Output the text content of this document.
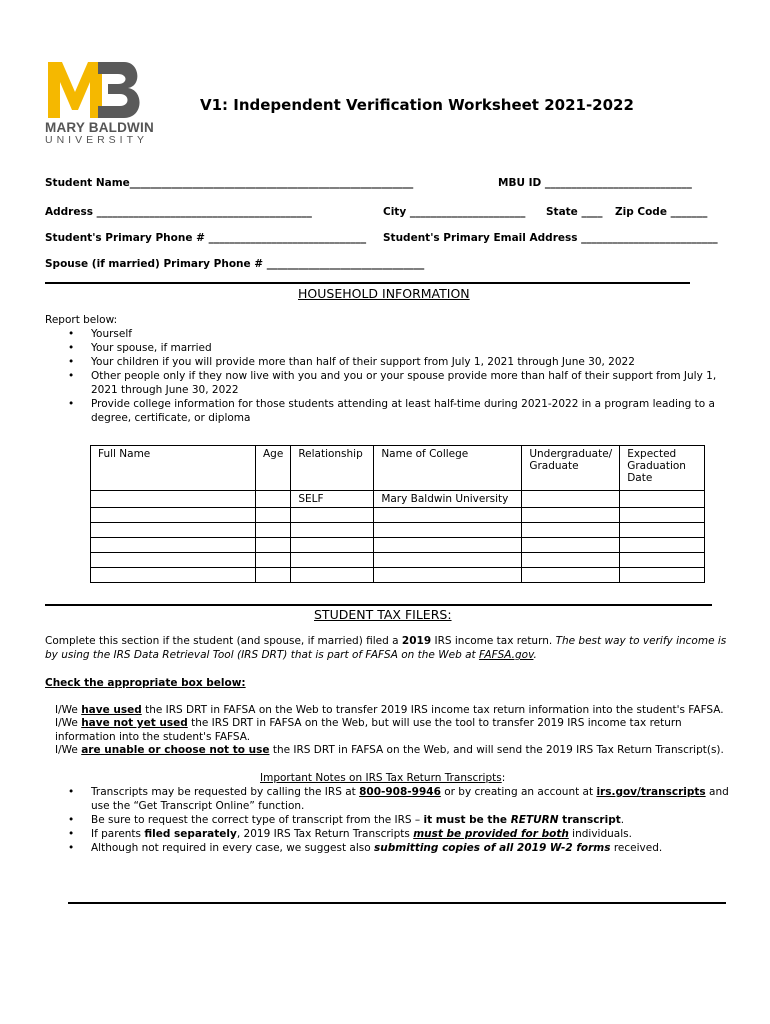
MARY BALDWIN
UNIVERSITY
V1: Independent Verification Worksheet 2021-2022
Student Name______________________________________________________	MBU ID ____________________________
Address _________________________________________	City ______________________ State ____ Zip Code _______
Student's Primary Phone # ______________________________ Student's Primary Email Address __________________________
Spouse (if married) Primary Phone # ______________________________
HOUSEHOLD INFORMATION
Report below:
• Yourself
• Your spouse, if married
• Your children if you will provide more than half of their support from July 1, 2021 through June 30, 2022
• Other people only if they now live with you and you or your spouse provide more than half of their support from July 1, 2021 through June 30, 2022
• Provide college information for those students attending at least half-time during 2021-2022 in a program leading to a degree, certificate, or diploma
Full Name	Age	Relationship	Name of College	Undergraduate/ Graduate	Expected Graduation Date
		SELF	Mary Baldwin University		

STUDENT TAX FILERS:
Complete this section if the student (and spouse, if married) filed a 2019 IRS income tax return. The best way to verify income is by using the IRS Data Retrieval Tool (IRS DRT) that is part of FAFSA on the Web at FAFSA.gov.
Check the appropriate box below:
I/We have used the IRS DRT in FAFSA on the Web to transfer 2019 IRS income tax return information into the student's FAFSA.
I/We have not yet used the IRS DRT in FAFSA on the Web, but will use the tool to transfer 2019 IRS income tax return information into the student's FAFSA.
I/We are unable or choose not to use the IRS DRT in FAFSA on the Web, and will send the 2019 IRS Tax Return Transcript(s).
Important Notes on IRS Tax Return Transcripts:
• Transcripts may be requested by calling the IRS at 800-908-9946 or by creating an account at irs.gov/transcripts and use the “Get Transcript Online” function.
• Be sure to request the correct type of transcript from the IRS – it must be the RETURN transcript.
• If parents filed separately, 2019 IRS Tax Return Transcripts must be provided for both individuals.
• Although not required in every case, we suggest also submitting copies of all 2019 W-2 forms received.
